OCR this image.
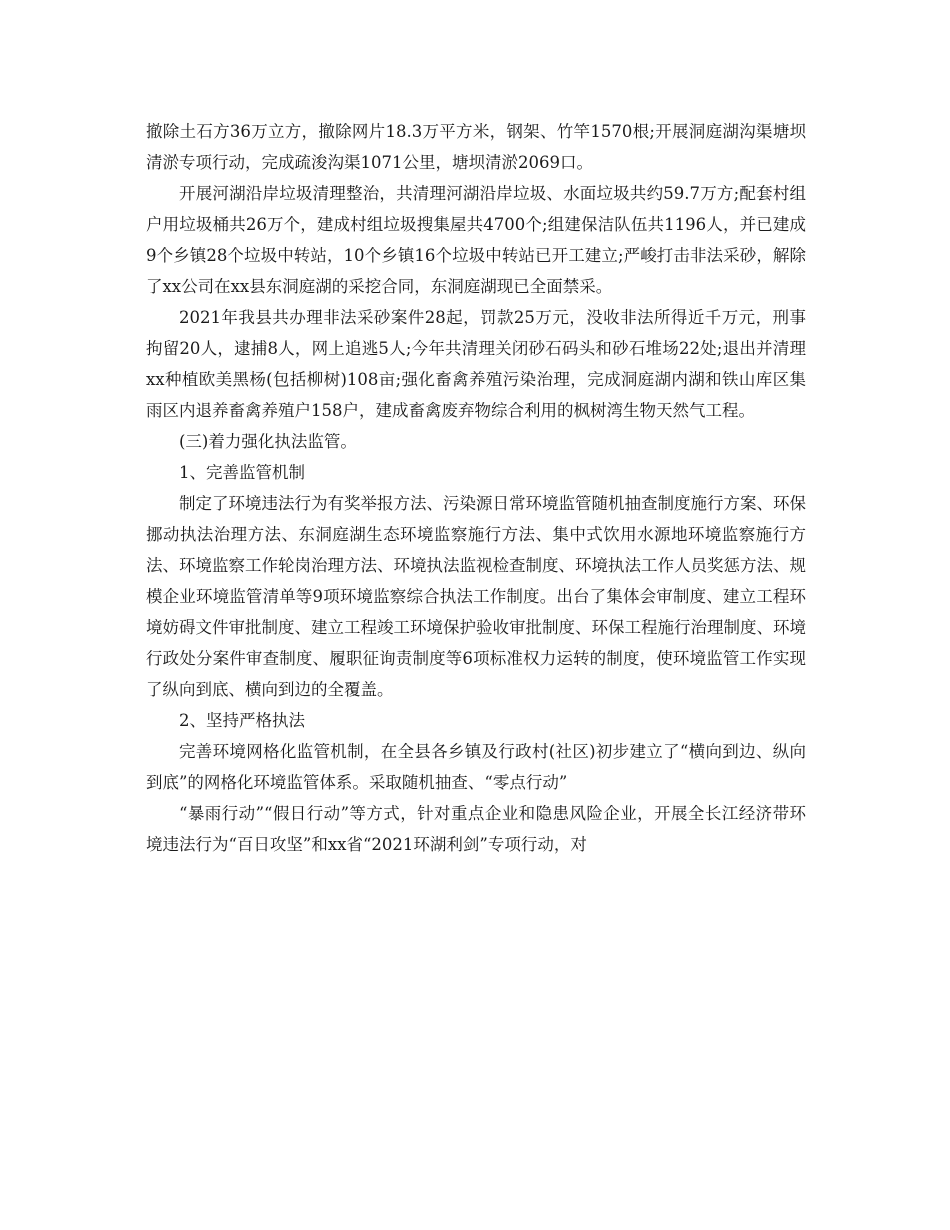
撤除土石方36万立方，撤除网片18.3万平方米，钢架、竹竿1570根;开展洞庭湖沟渠塘坝清淤专项行动，完成疏浚沟渠1071公里，塘坝清淤2069口。

开展河湖沿岸垃圾清理整治，共清理河湖沿岸垃圾、水面垃圾共约59.7万方;配套村组户用垃圾桶共26万个，建成村组垃圾搜集屋共4700个;组建保洁队伍共1196人，并已建成9个乡镇28个垃圾中转站，10个乡镇16个垃圾中转站已开工建立;严峻打击非法采砂，解除了xx公司在xx县东洞庭湖的采挖合同，东洞庭湖现已全面禁采。

2021年我县共办理非法采砂案件28起，罚款25万元，没收非法所得近千万元，刑事拘留20人，逮捕8人，网上追逃5人;今年共清理关闭砂石码头和砂石堆场22处;退出并清理xx种植欧美黑杨(包括柳树)108亩;强化畜禽养殖污染治理，完成洞庭湖内湖和铁山库区集雨区内退养畜禽养殖户158户，建成畜禽废弃物综合利用的枫树湾生物天然气工程。

(三)着力强化执法监管。

1、完善监管机制

制定了环境违法行为有奖举报方法、污染源日常环境监管随机抽查制度施行方案、环保挪动执法治理方法、东洞庭湖生态环境监察施行方法、集中式饮用水源地环境监察施行方法、环境监察工作轮岗治理方法、环境执法监视检查制度、环境执法工作人员奖惩方法、规模企业环境监管清单等9项环境监察综合执法工作制度。出台了集体会审制度、建立工程环境妨碍文件审批制度、建立工程竣工环境保护验收审批制度、环保工程施行治理制度、环境行政处分案件审查制度、履职征询责制度等6项标准权力运转的制度，使环境监管工作实现了纵向到底、横向到边的全覆盖。

2、坚持严格执法

完善环境网格化监管机制，在全县各乡镇及行政村(社区)初步建立了“横向到边、纵向到底”的网格化环境监管体系。采取随机抽查、“零点行动”

“暴雨行动”“假日行动”等方式，针对重点企业和隐患风险企业，开展全长江经济带环境违法行为“百日攻坚”和xx省“2021环湖利剑”专项行动，对
